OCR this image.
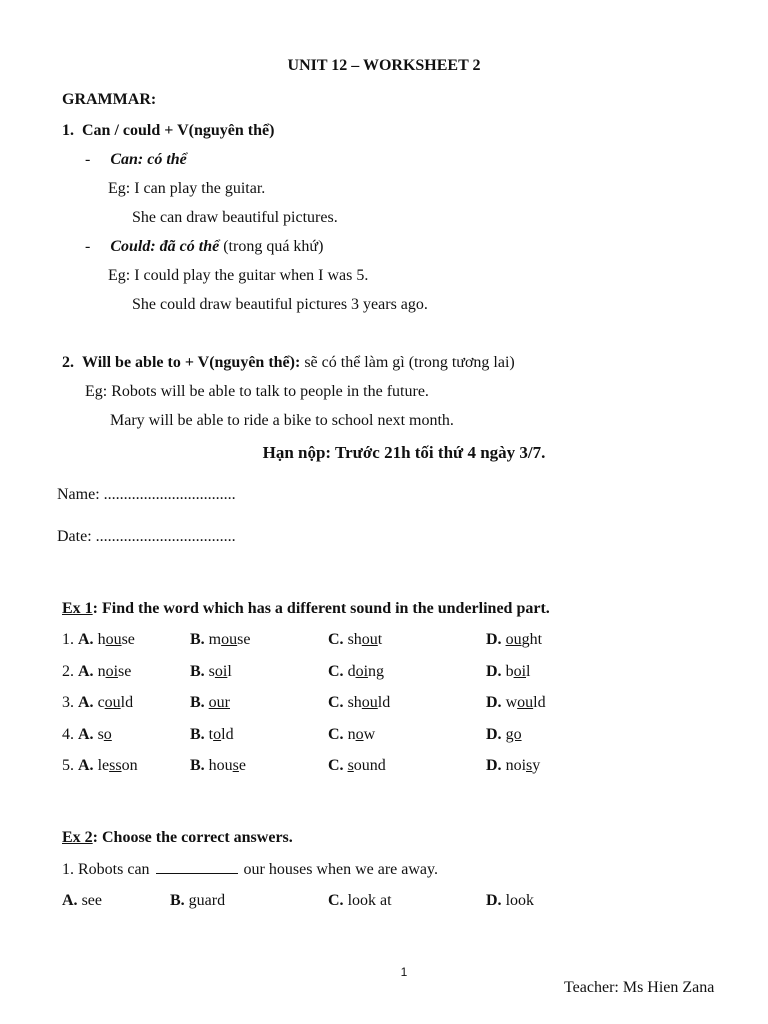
UNIT 12 – WORKSHEET 2
GRAMMAR:
1. Can / could + V(nguyên thể)
- Can: có thể
Eg: I can play the guitar.
She can draw beautiful pictures.
- Could: đã có thể (trong quá khứ)
Eg: I could play the guitar when I was 5.
She could draw beautiful pictures 3 years ago.
2. Will be able to + V(nguyên thể): sẽ có thể làm gì (trong tương lai)
Eg: Robots will be able to talk to people in the future.
Mary will be able to ride a bike to school next month.
Hạn nộp: Trước 21h tối thứ 4 ngày 3/7.
Name: .................................
Date: ...................................
Ex 1: Find the word which has a different sound in the underlined part.
1. A. house	B. mouse	C. shout	D. ought
2. A. noise	B. soil	C. doing	D. boil
3. A. could	B. our	C. should	D. would
4. A. so	B. told	C. now	D. go
5. A. lesson	B. house	C. sound	D. noisy
Ex 2: Choose the correct answers.
1. Robots can	our houses when we are away.
A. see	B. guard	C. look at	D. look
1
Teacher: Ms Hien Zana
